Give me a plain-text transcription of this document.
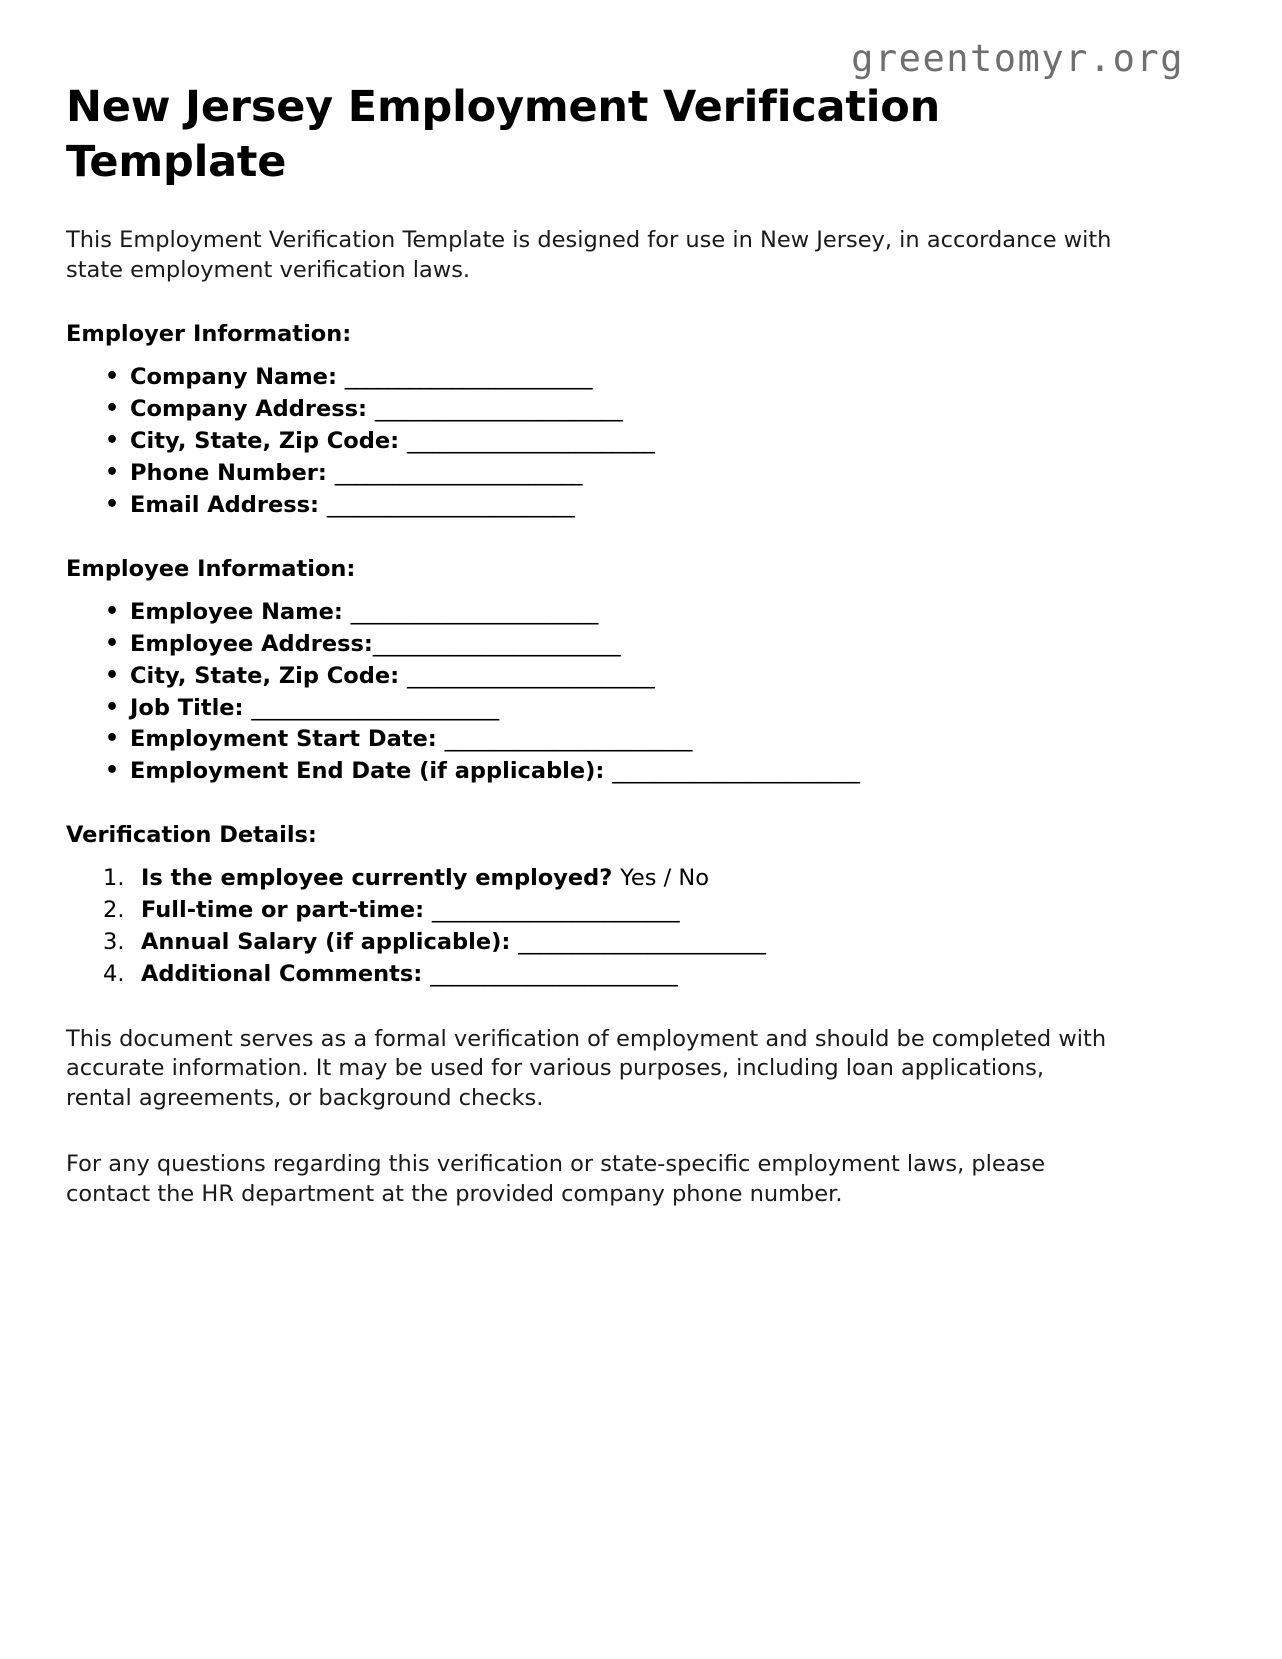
greentomyr.org
New Jersey Employment Verification Template

This Employment Verification Template is designed for use in New Jersey, in accordance with state employment verification laws.

Employer Information:
• Company Name: _______________________
• Company Address: _______________________
• City, State, Zip Code: _______________________
• Phone Number: _______________________
• Email Address: _______________________
Employee Information:
• Employee Name: _______________________
• Employee Address:_______________________
• City, State, Zip Code: _______________________
• Job Title: _______________________
• Employment Start Date: _______________________
• Employment End Date (if applicable): _______________________
Verification Details:
Is the employee currently employed? Yes / No
Full-time or part-time: _______________________
Annual Salary (if applicable): _______________________
Additional Comments: _______________________

This document serves as a formal verification of employment and should be completed with accurate information. It may be used for various purposes, including loan applications, rental agreements, or background checks.

For any questions regarding this verification or state-specific employment laws, please contact the HR department at the provided company phone number.
